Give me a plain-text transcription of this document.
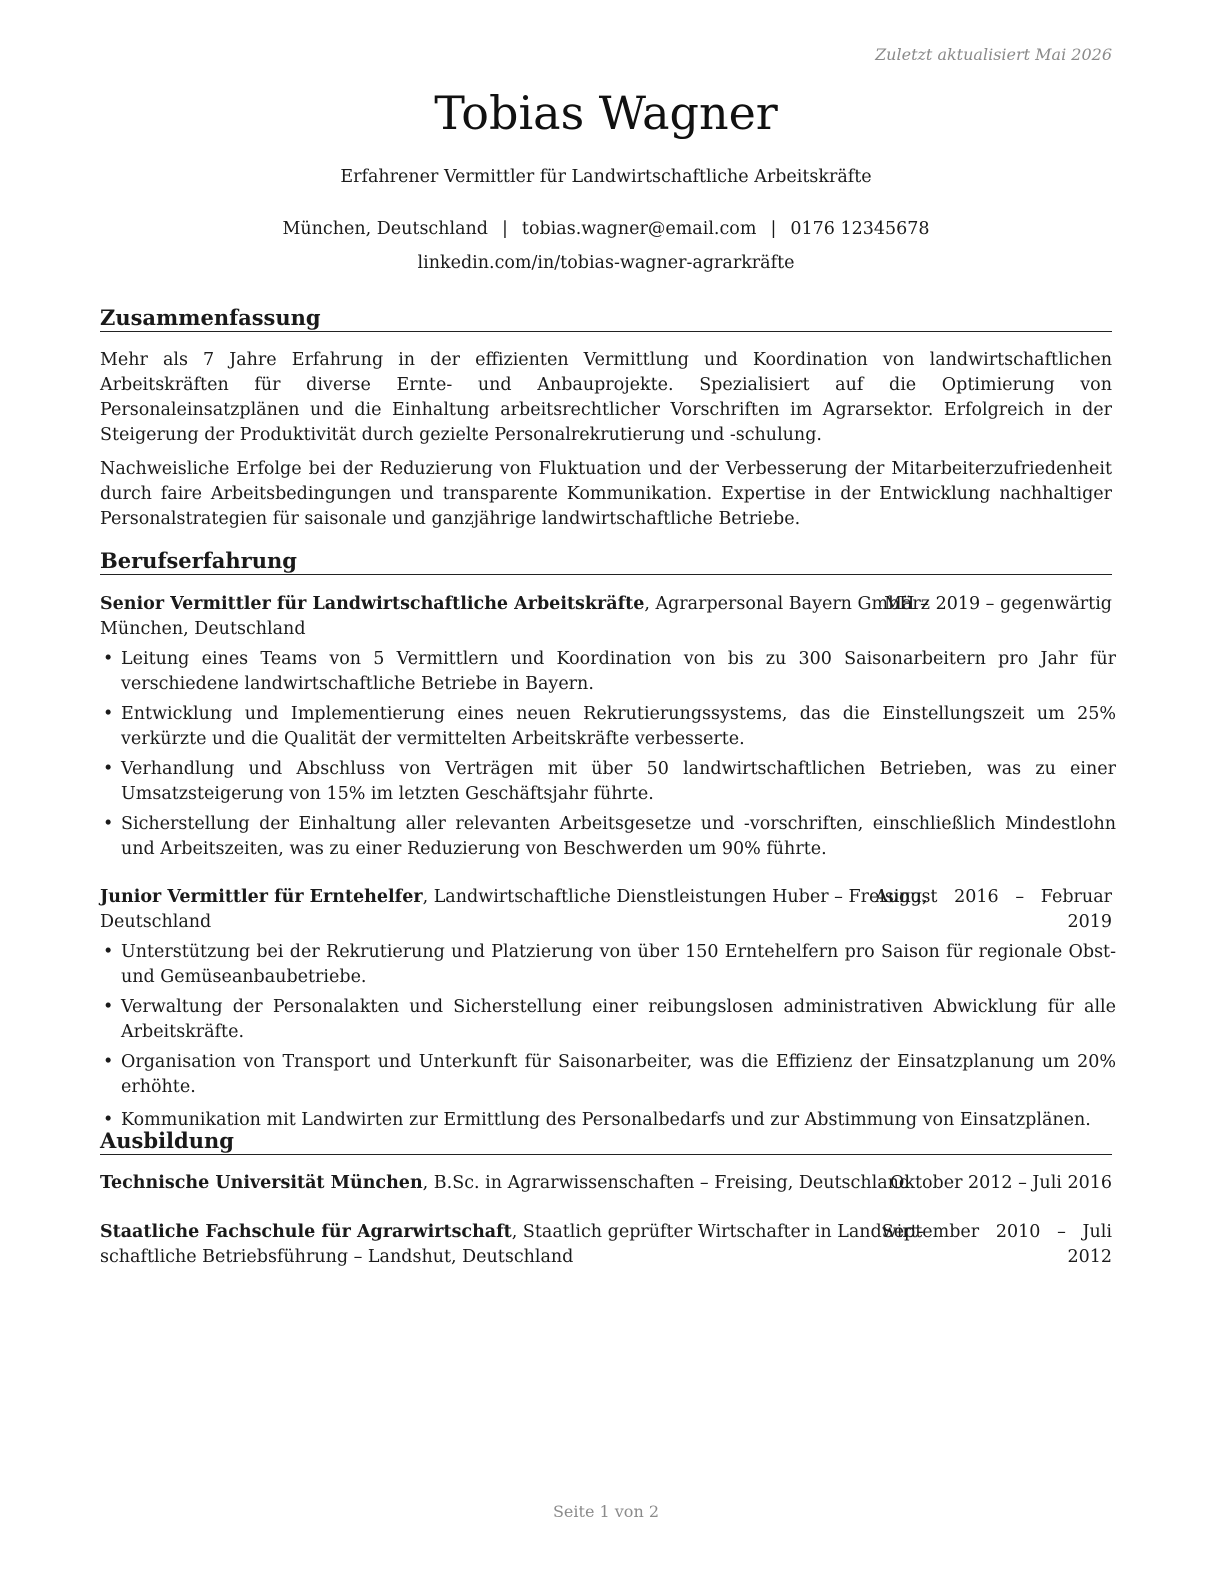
Zuletzt aktualisiert Mai 2026
Tobias Wagner
Erfahrener Vermittler für Landwirtschaftliche Arbeitskräfte
München, Deutschland | tobias.wagner@email.com | 0176 12345678
linkedin.com/in/tobias-wagner-agrarkräfte
Zusammenfassung
Mehr als 7 Jahre Erfahrung in der effizienten Vermittlung und Koordination von landwirtschaftlichen Arbeitskräften für diverse Ernte- und Anbauprojekte. Spezialisiert auf die Optimierung von Personaleinsatzplänen und die Einhaltung arbeitsrechtlicher Vorschriften im Agrarsektor. Erfolgreich in der Steigerung der Produktivität durch gezielte Personalrekrutierung und -schulung.
Nachweisliche Erfolge bei der Reduzierung von Fluktuation und der Verbesserung der Mitarbeiterzufriedenheit durch faire Arbeitsbedingungen und transparente Kommunikation. Expertise in der Entwicklung nachhaltiger Personalstrategien für saisonale und ganzjährige landwirtschaftliche Betriebe.
Berufserfahrung
Senior Vermittler für Landwirtschaftliche Arbeitskräfte, Agrarpersonal Bayern GmbH –
München, Deutschland
März 2019 – gegenwärtig
• Leitung eines Teams von 5 Vermittlern und Koordination von bis zu 300 Saisonarbeitern pro Jahr für verschiedene landwirtschaftliche Betriebe in Bayern.
• Entwicklung und Implementierung eines neuen Rekrutierungssystems, das die Einstellungszeit um 25% verkürzte und die Qualität der vermittelten Arbeitskräfte verbesserte.
• Verhandlung und Abschluss von Verträgen mit über 50 landwirtschaftlichen Betrieben, was zu einer Umsatzsteigerung von 15% im letzten Geschäftsjahr führte.
• Sicherstellung der Einhaltung aller relevanten Arbeitsgesetze und -vorschriften, einschließlich Mindestlohn und Arbeitszeiten, was zu einer Reduzierung von Beschwerden um 90% führte.
Junior Vermittler für Erntehelfer, Landwirtschaftliche Dienstleistungen Huber – Freising,
Deutschland
August   2016   –   Februar
2019
• Unterstützung bei der Rekrutierung und Platzierung von über 150 Erntehelfern pro Saison für regionale Obst- und Gemüseanbaubetriebe.
• Verwaltung der Personalakten und Sicherstellung einer reibungslosen administrativen Abwicklung für alle Arbeitskräfte.
• Organisation von Transport und Unterkunft für Saisonarbeiter, was die Effizienz der Einsatzplanung um 20% erhöhte.
• Kommunikation mit Landwirten zur Ermittlung des Personalbedarfs und zur Abstimmung von Einsatzplänen.
Ausbildung
Technische Universität München, B.Sc. in Agrarwissenschaften – Freising, Deutschland
Oktober 2012 – Juli 2016
Staatliche Fachschule für Agrarwirtschaft, Staatlich geprüfter Wirtschafter in Landwirt-
schaftliche Betriebsführung – Landshut, Deutschland
September   2010   –   Juli
2012
Seite 1 von 2
